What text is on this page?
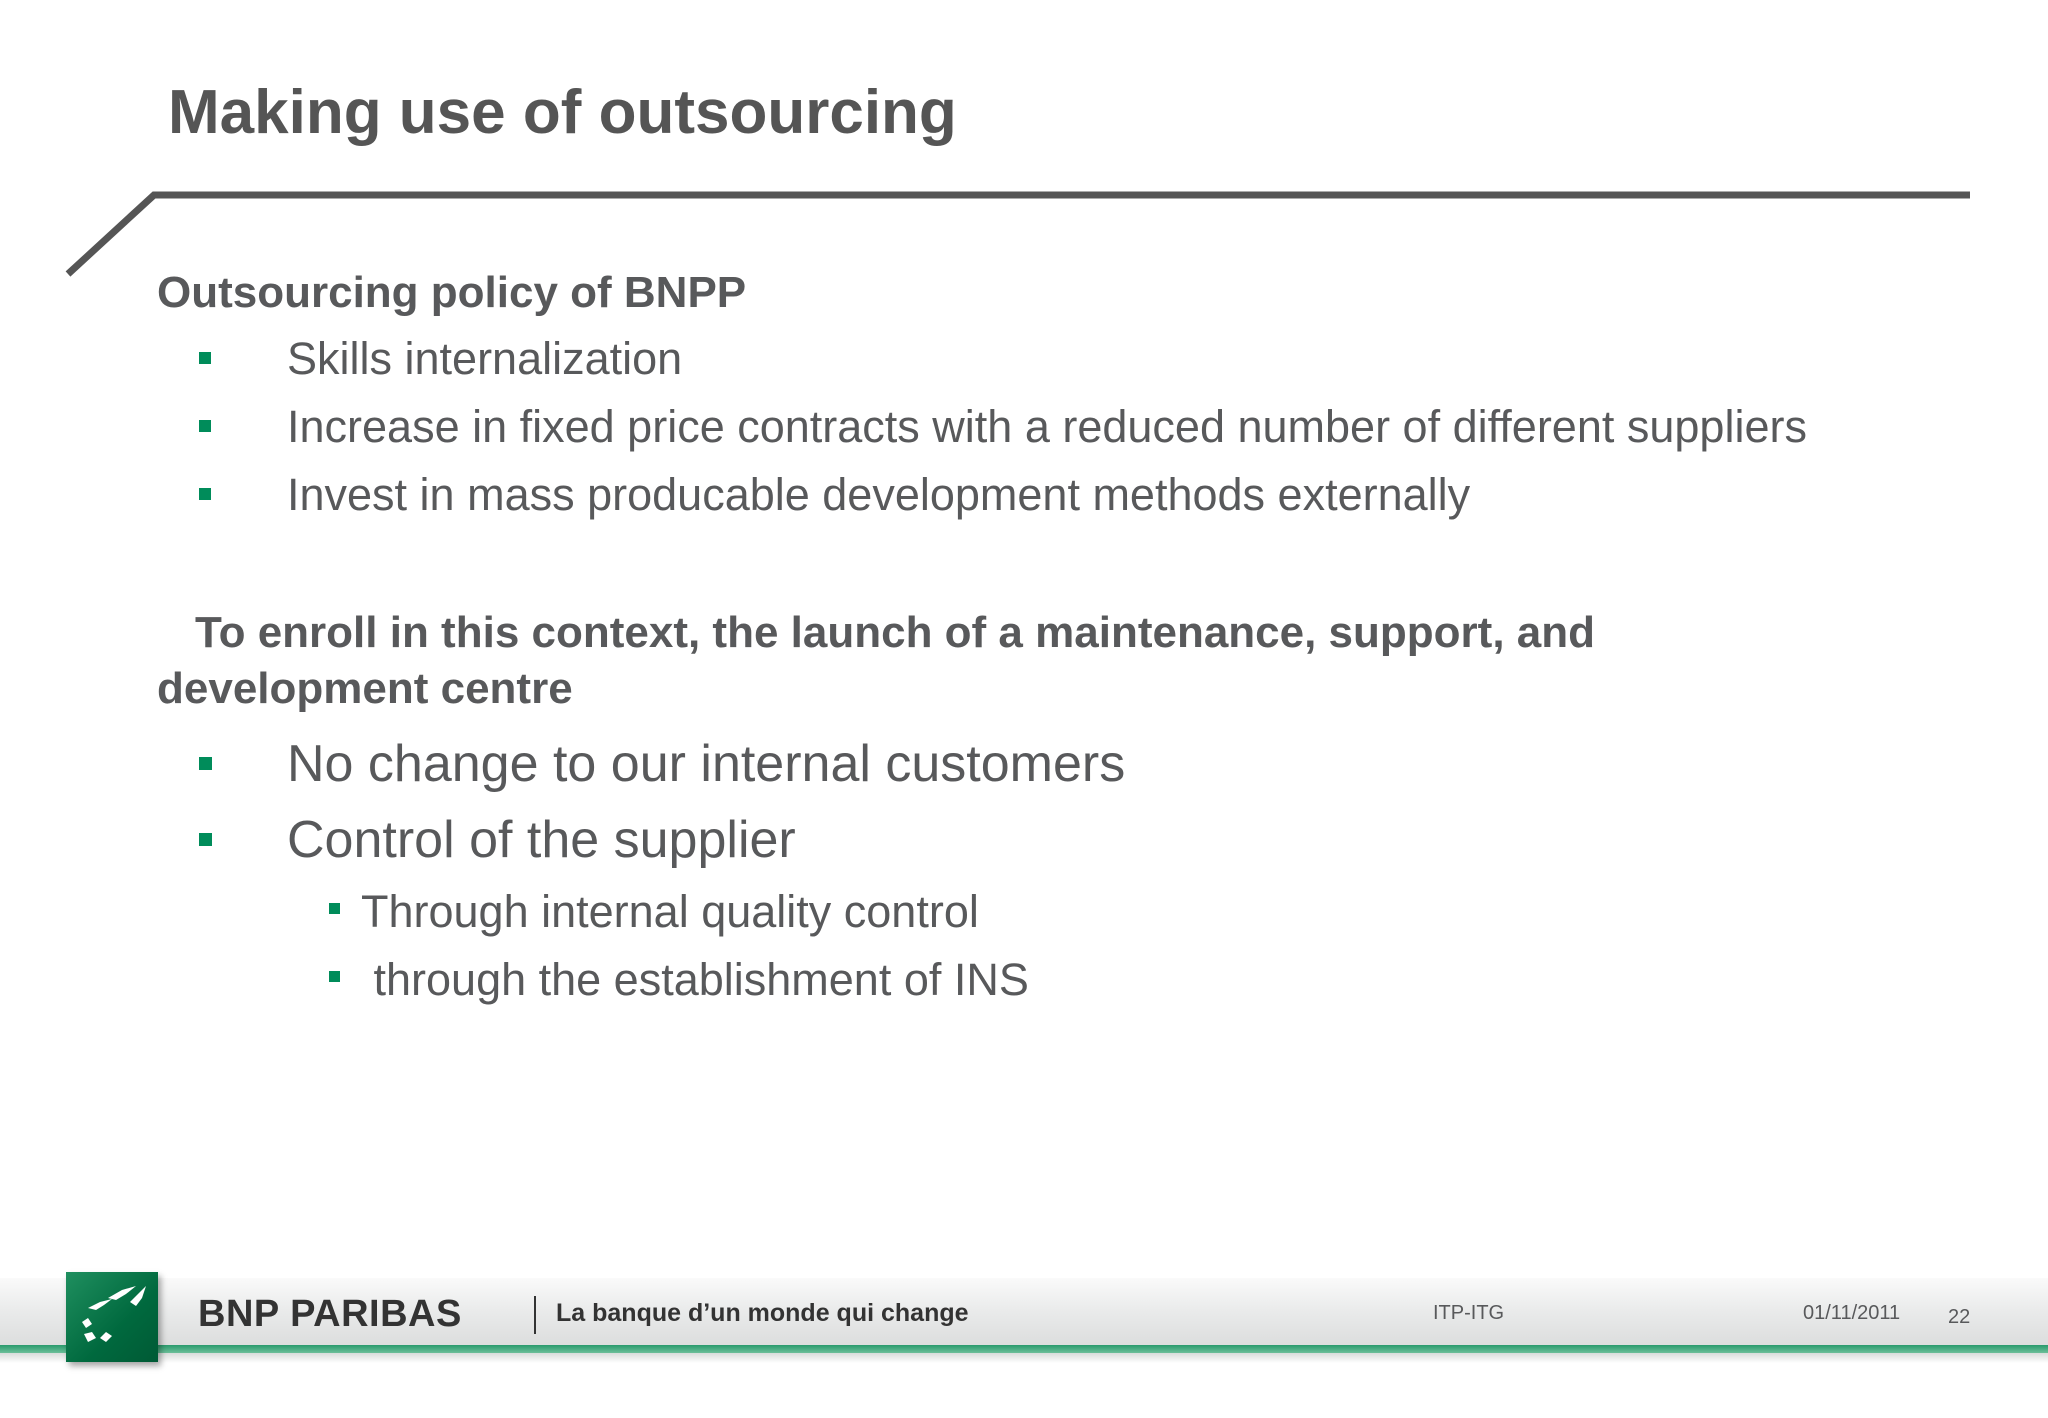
Making use of outsourcing
Outsourcing policy of BNPP
Skills internalization
Increase in fixed price contracts with a reduced number of different suppliers
Invest in mass producable development methods externally
To enroll in this context, the launch of a maintenance, support, and
development centre
No change to our internal customers
Control of the supplier
Through internal quality control
through the establishment of INS
BNP PARIBAS	La banque d’un monde qui change	ITP-ITG	01/11/2011 22
